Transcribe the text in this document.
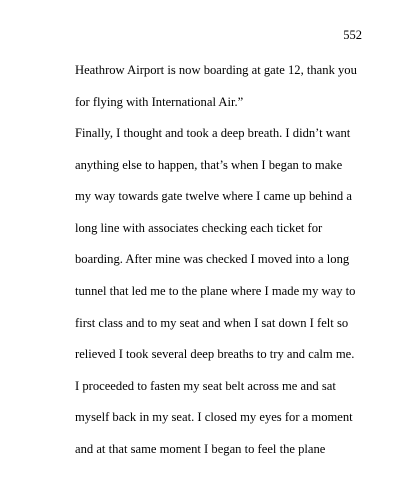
552
Heathrow Airport is now boarding at gate 12, thank you
for flying with International Air.”
Finally, I thought and took a deep breath. I didn’t want
anything else to happen, that’s when I began to make
my way towards gate twelve where I came up behind a
long line with associates checking each ticket for
boarding. After mine was checked I moved into a long
tunnel that led me to the plane where I made my way to
first class and to my seat and when I sat down I felt so
relieved I took several deep breaths to try and calm me.
I proceeded to fasten my seat belt across me and sat
myself back in my seat. I closed my eyes for a moment
and at that same moment I began to feel the plane
